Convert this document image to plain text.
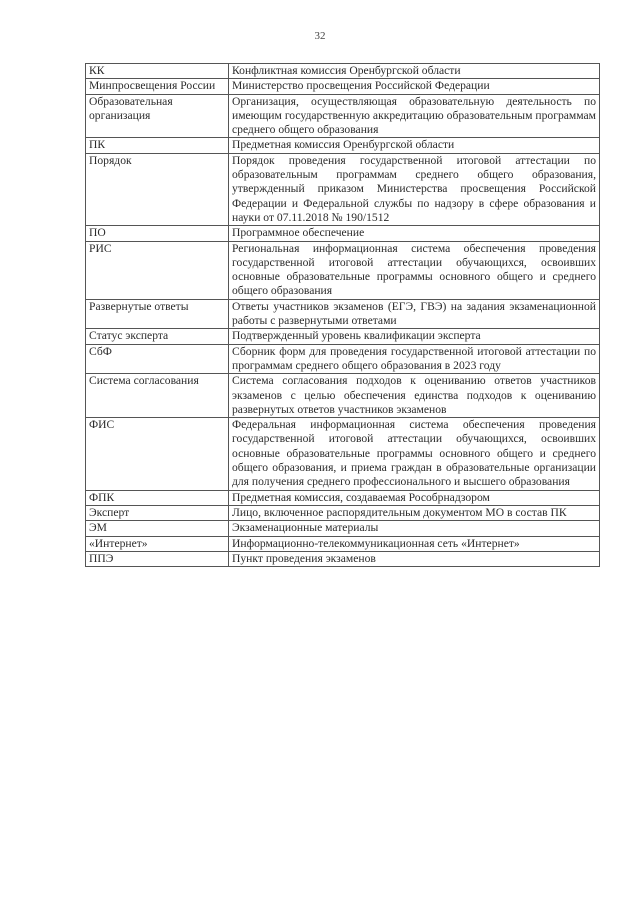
32
КК	Конфликтная комиссия Оренбургской области
Минпросвещения России	Министерство просвещения Российской Федерации
Образовательная организация	Организация, осуществляющая образовательную деятельность по имеющим государственную аккредитацию образовательным программам среднего общего образования
ПК	Предметная комиссия Оренбургской области
Порядок	Порядок проведения государственной итоговой аттестации по образовательным программам среднего общего образования, утвержденный приказом Министерства просвещения Российской Федерации и Федеральной службы по надзору в сфере образования и науки от 07.11.2018 № 190/1512
ПО	Программное обеспечение
РИС	Региональная информационная система обеспечения проведения государственной итоговой аттестации обучающихся, освоивших основные образовательные программы основного общего и среднего общего образования
Развернутые ответы	Ответы участников экзаменов (ЕГЭ, ГВЭ) на задания экзаменационной работы с развернутыми ответами
Статус эксперта	Подтвержденный уровень квалификации эксперта
СбФ	Сборник форм для проведения государственной итоговой аттестации по программам среднего общего образования в 2023 году
Система согласования	Система согласования подходов к оцениванию ответов участников экзаменов с целью обеспечения единства подходов к оцениванию развернутых ответов участников экзаменов
ФИС	Федеральная информационная система обеспечения проведения государственной итоговой аттестации обучающихся, освоивших основные образовательные программы основного общего и среднего общего образования, и приема граждан в образовательные организации для получения среднего профессионального и высшего образования
ФПК	Предметная комиссия, создаваемая Рособрнадзором
Эксперт	Лицо, включенное распорядительным документом МО в состав ПК
ЭМ	Экзаменационные материалы
«Интернет»	Информационно-телекоммуникационная сеть «Интернет»
ППЭ	Пункт проведения экзаменов
